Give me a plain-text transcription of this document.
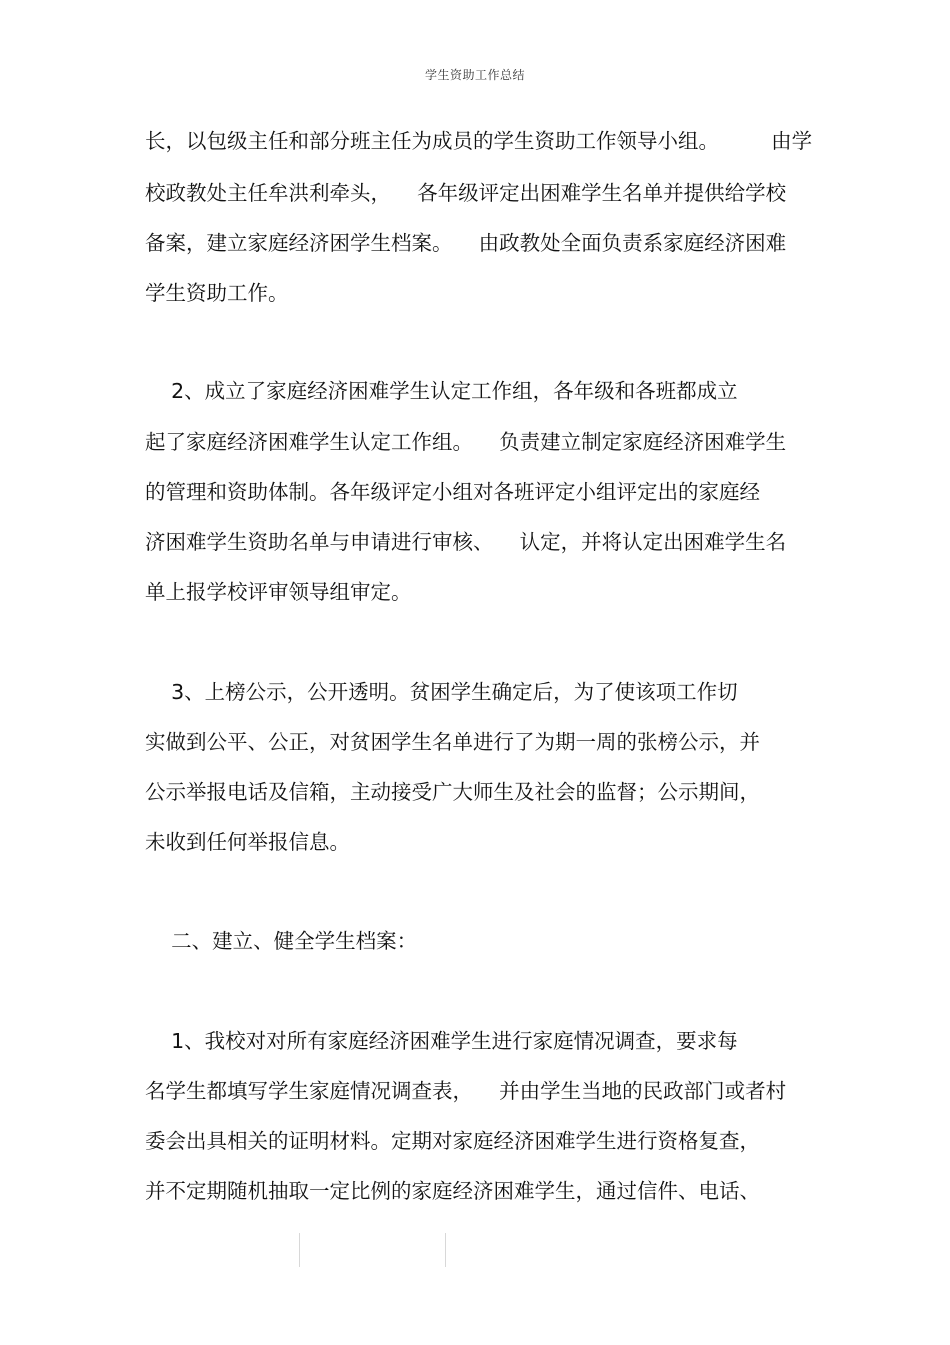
学生资助工作总结
长，以包级主任和部分班主任为成员的学生资助工作领导小组。        由学
校政教处主任牟洪利牵头，    各年级评定出困难学生名单并提供给学校
备案，建立家庭经济困学生档案。    由政教处全面负责系家庭经济困难
学生资助工作。
2、成立了家庭经济困难学生认定工作组，各年级和各班都成立
起了家庭经济困难学生认定工作组。    负责建立制定家庭经济困难学生
的管理和资助体制。各年级评定小组对各班评定小组评定出的家庭经
济困难学生资助名单与申请进行审核、    认定，并将认定出困难学生名
单上报学校评审领导组审定。
3、上榜公示，公开透明。贫困学生确定后，为了使该项工作切
实做到公平、公正，对贫困学生名单进行了为期一周的张榜公示，并
公示举报电话及信箱，主动接受广大师生及社会的监督；公示期间，
未收到任何举报信息。
二、建立、健全学生档案：
1、我校对对所有家庭经济困难学生进行家庭情况调查，要求每
名学生都填写学生家庭情况调查表，    并由学生当地的民政部门或者村
委会出具相关的证明材料。定期对家庭经济困难学生进行资格复查，
并不定期随机抽取一定比例的家庭经济困难学生，通过信件、电话、
